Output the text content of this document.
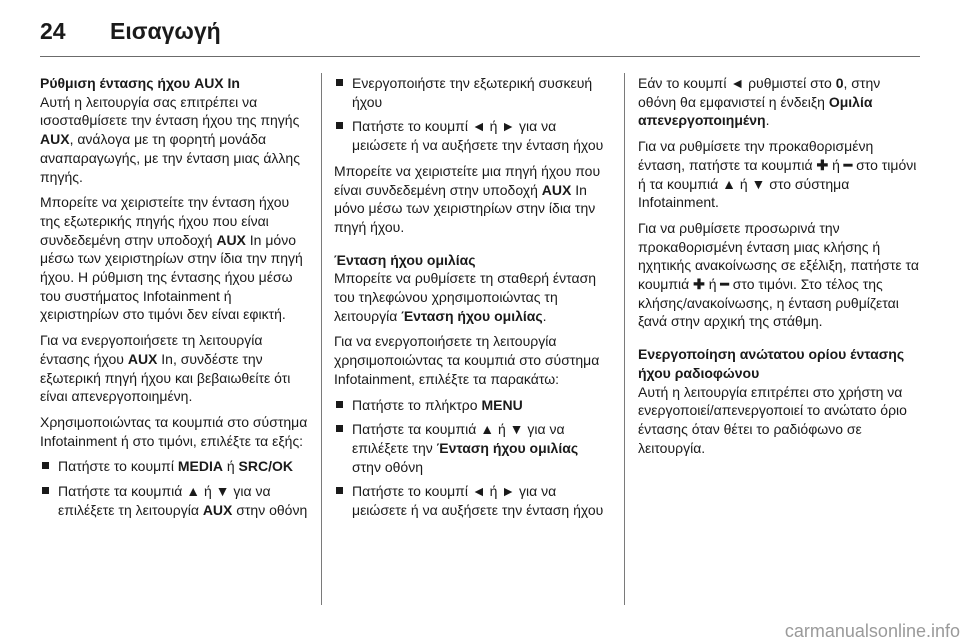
24 Εισαγωγή

Ρύθμιση έντασης ήχου AUX In

Αυτή η λειτουργία σας επιτρέπει να ισοσταθμίσετε την ένταση ήχου της πηγής AUX, ανάλογα με τη φορητή μονάδα αναπαραγωγής, με την ένταση μιας άλλης πηγής.

Μπορείτε να χειριστείτε την ένταση ήχου της εξωτερικής πηγής ήχου που είναι συνδεδεμένη στην υποδοχή AUX In μόνο μέσω των χειριστηρίων στην ίδια την πηγή ήχου. Η ρύθμιση της έντασης ήχου μέσω του συστήματος Infotainment ή χειριστηρίων στο τιμόνι δεν είναι εφικτή.

Για να ενεργοποιήσετε τη λειτουργία έντασης ήχου AUX In, συνδέστε την εξωτερική πηγή ήχου και βεβαιωθείτε ότι είναι απενεργοποιημένη.

Χρησιμοποιώντας τα κουμπιά στο σύστημα Infotainment ή στο τιμόνι, επιλέξτε τα εξής:

Πατήστε το κουμπί MEDIA ή SRC/OK
Πατήστε τα κουμπιά ▲ ή ▼ για να επιλέξετε τη λειτουργία AUX στην οθόνη
Ενεργοποιήστε την εξωτερική συσκευή ήχου
Πατήστε το κουμπί ◄ ή ► για να μειώσετε ή να αυξήσετε την ένταση ήχου

Μπορείτε να χειριστείτε μια πηγή ήχου που είναι συνδεδεμένη στην υποδοχή AUX In μόνο μέσω των χειριστηρίων στην ίδια την πηγή ήχου.

Ένταση ήχου ομιλίας

Μπορείτε να ρυθμίσετε τη σταθερή ένταση του τηλεφώνου χρησιμοποιώντας τη λειτουργία Ένταση ήχου ομιλίας.

Για να ενεργοποιήσετε τη λειτουργία χρησιμοποιώντας τα κουμπιά στο σύστημα Infotainment, επιλέξτε τα παρακάτω:

Πατήστε το πλήκτρο MENU
Πατήστε τα κουμπιά ▲ ή ▼ για να επιλέξετε την Ένταση ήχου ομιλίας στην οθόνη
Πατήστε το κουμπί ◄ ή ► για να μειώσετε ή να αυξήσετε την ένταση ήχου

Εάν το κουμπί ◄ ρυθμιστεί στο 0, στην οθόνη θα εμφανιστεί η ένδειξη Ομιλία απενεργοποιημένη.

Για να ρυθμίσετε την προκαθορισμένη ένταση, πατήστε τα κουμπιά ✚ ή ━ στο τιμόνι ή τα κουμπιά ▲ ή ▼ στο σύστημα Infotainment.

Για να ρυθμίσετε προσωρινά την προκαθορισμένη ένταση μιας κλήσης ή ηχητικής ανακοίνωσης σε εξέλιξη, πατήστε τα κουμπιά ✚ ή ━ στο τιμόνι. Στο τέλος της κλήσης/ανακοίνωσης, η ένταση ρυθμίζεται ξανά στην αρχική της στάθμη.

Ενεργοποίηση ανώτατου ορίου έντασης ήχου ραδιοφώνου

Αυτή η λειτουργία επιτρέπει στο χρήστη να ενεργοποιεί/απενεργοποιεί το ανώτατο όριο έντασης όταν θέτει το ραδιόφωνο σε λειτουργία.

carmanualsonline.info
